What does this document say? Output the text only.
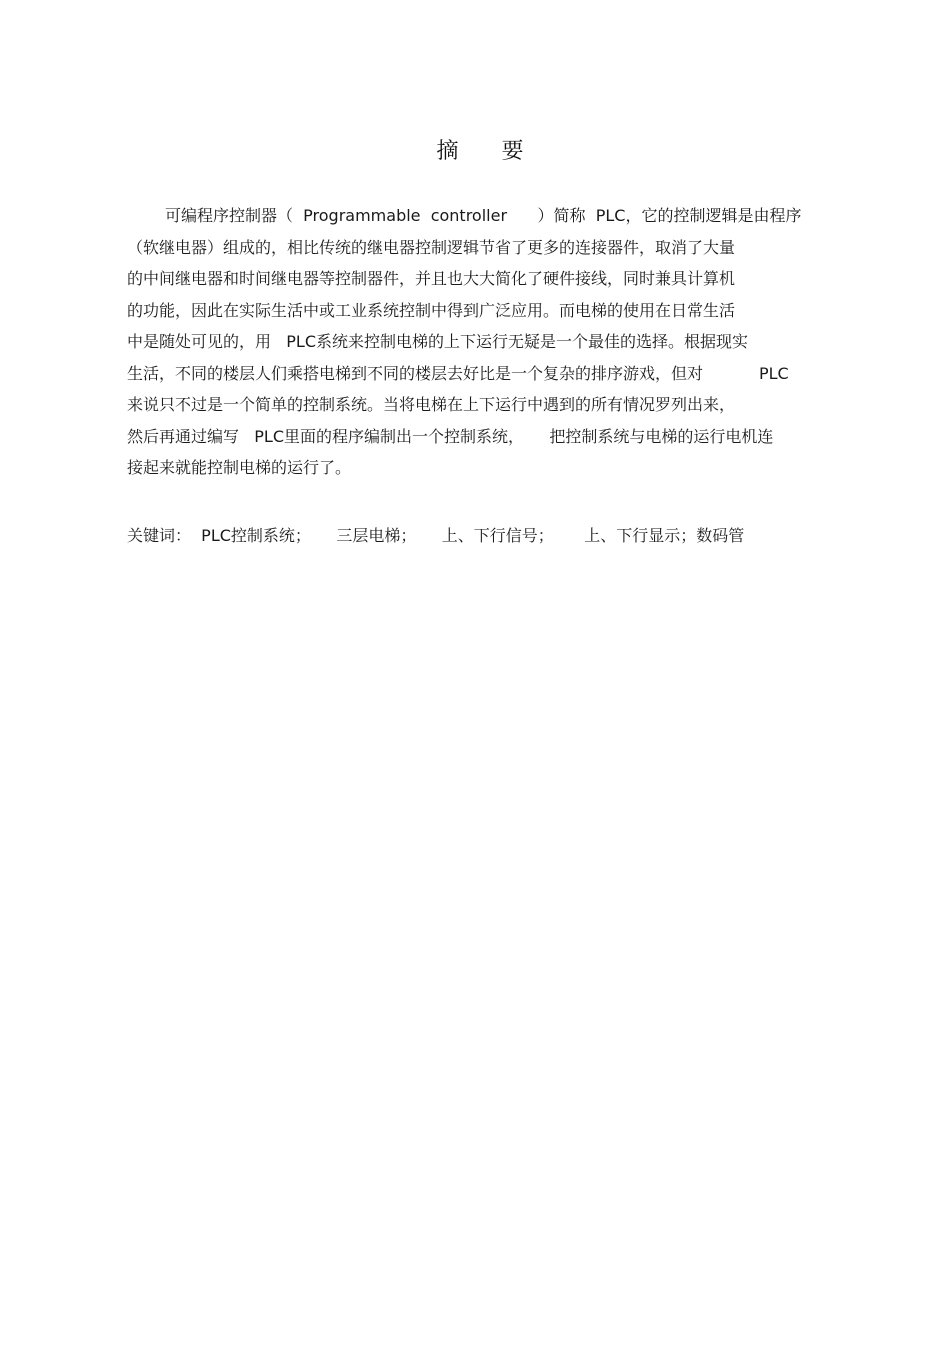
摘 要
可编程序控制器（  Programmable  controller      ）简称  PLC，它的控制逻辑是由程序
（软继电器）组成的，相比传统的继电器控制逻辑节省了更多的连接器件，取消了大量
的中间继电器和时间继电器等控制器件，并且也大大简化了硬件接线，同时兼具计算机
的功能，因此在实际生活中或工业系统控制中得到广泛应用。而电梯的使用在日常生活
中是随处可见的，用   PLC系统来控制电梯的上下运行无疑是一个最佳的选择。根据现实
生活，不同的楼层人们乘搭电梯到不同的楼层去好比是一个复杂的排序游戏，但对           PLC
来说只不过是一个简单的控制系统。当将电梯在上下运行中遇到的所有情况罗列出来，
然后再通过编写   PLC里面的程序编制出一个控制系统，     把控制系统与电梯的运行电机连
接起来就能控制电梯的运行了。
关键词：  PLC控制系统；     三层电梯；     上、下行信号；      上、下行显示；数码管
